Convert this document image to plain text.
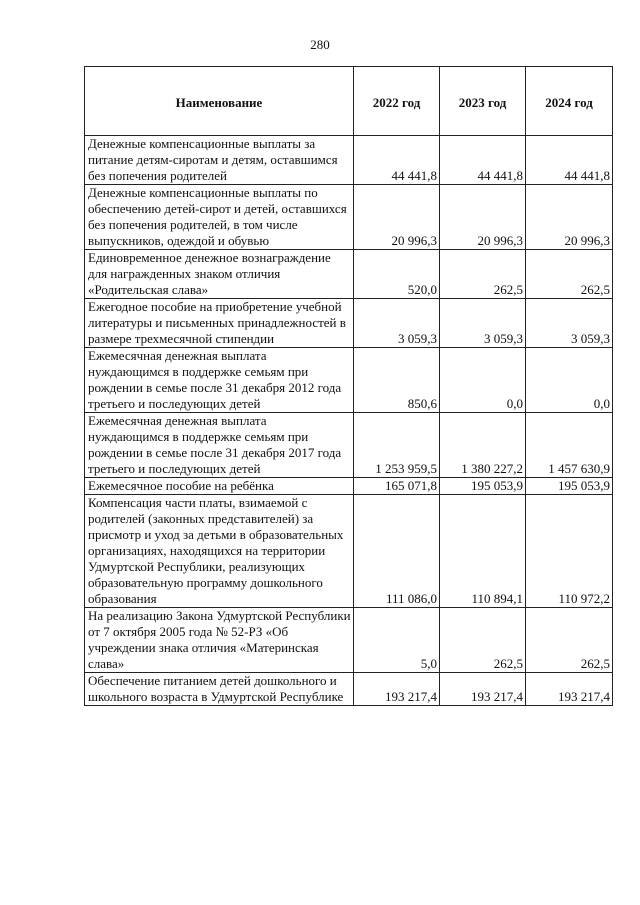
280
Наименование	2022 год	2023 год	2024 год
Денежные компенсационные выплаты за питание детям-сиротам и детям, оставшимся без попечения родителей	44 441,8	44 441,8	44 441,8
Денежные компенсационные выплаты по обеспечению детей-сирот и детей, оставшихся без попечения родителей, в том числе выпускников, одеждой и обувью	20 996,3	20 996,3	20 996,3
Единовременное денежное вознаграждение для награжденных знаком отличия «Родительская слава»	520,0	262,5	262,5
Ежегодное пособие на приобретение учебной литературы и письменных принадлежностей в размере трехмесячной стипендии	3 059,3	3 059,3	3 059,3
Ежемесячная денежная выплата нуждающимся в поддержке семьям при рождении в семье после 31 декабря 2012 года третьего и последующих детей	850,6	0,0	0,0
Ежемесячная денежная выплата нуждающимся в поддержке семьям при рождении в семье после 31 декабря 2017 года третьего и последующих детей	1 253 959,5	1 380 227,2	1 457 630,9
Ежемесячное пособие на ребёнка	165 071,8	195 053,9	195 053,9
Компенсация части платы, взимаемой с родителей (законных представителей) за присмотр и уход за детьми в образовательных организациях, находящихся на территории Удмуртской Республики, реализующих образовательную программу дошкольного образования	111 086,0	110 894,1	110 972,2
На реализацию Закона Удмуртской Республики от 7 октября 2005 года № 52-РЗ «Об учреждении знака отличия «Материнская слава»	5,0	262,5	262,5
Обеспечение питанием детей дошкольного и школьного возраста в Удмуртской Республике	193 217,4	193 217,4	193 217,4
